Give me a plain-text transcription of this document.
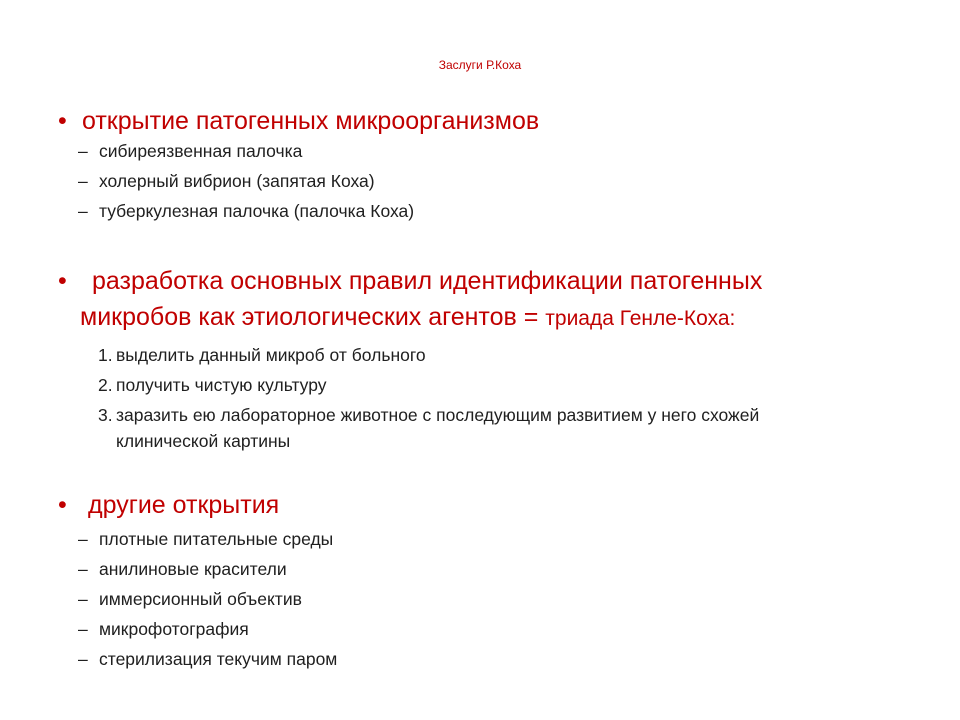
Заслуги Р.Коха
• открытие патогенных микроорганизмов
– сибиреязвенная палочка
– холерный вибрион (запятая Коха)
– туберкулезная палочка (палочка Коха)
• разработка основных правил идентификации патогенных
микробов как этиологических агентов = триада Генле-Коха:
1. выделить данный микроб от больного
2. получить чистую культуру
3. заразить ею лабораторное животное с последующим развитием у него схожей
клинической картины
• другие открытия
– плотные питательные среды
– анилиновые красители
– иммерсионный объектив
– микрофотография
– стерилизация текучим паром
